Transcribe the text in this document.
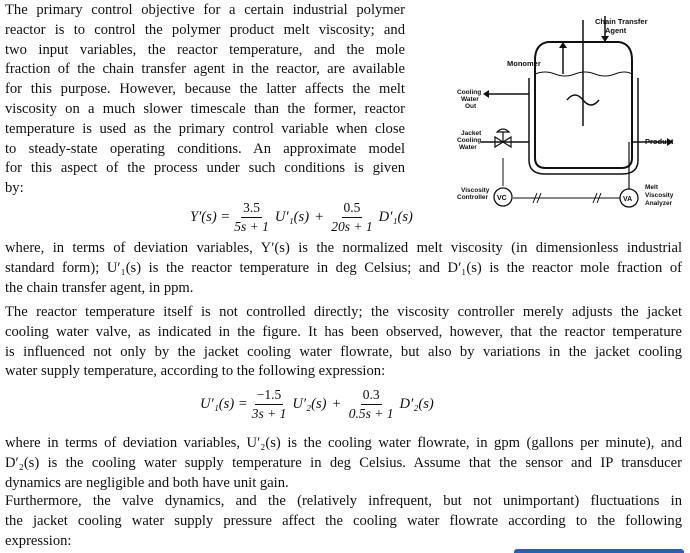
The primary control objective for a certain industrial polymer
reactor is to control the polymer product melt viscosity; and
two input variables, the reactor temperature, and the mole
fraction of the chain transfer agent in the reactor, are available
for this purpose. However, because the latter affects the melt
viscosity on a much slower timescale than the former, reactor
temperature is used as the primary control variable when close
to steady-state operating conditions. An approximate model
for this aspect of the process under such conditions is given
by:
Chain Transfer
Agent
Monomer
Cooling
Water
Out
Jacket
Cooling
Water
Product
Viscosity
Controller VC	VA
Melt
Viscosity
Analyzer
$Y'(s) = \frac{3.5}{5s + 1} U'_1(s) + \frac{0.5}{20s + 1} D'_1(s)$
where, in terms of deviation variables, Y′(s) is the normalized melt viscosity (in dimensionless industrial
standard form); U′₁(s) is the reactor temperature in deg Celsius; and D′₁(s) is the reactor mole fraction of
the chain transfer agent, in ppm.
The reactor temperature itself is not controlled directly; the viscosity controller merely adjusts the jacket
cooling water valve, as indicated in the figure. It has been observed, however, that the reactor temperature
is influenced not only by the jacket cooling water flowrate, but also by variations in the jacket cooling
water supply temperature, according to the following expression:
$U'_1(s) = \frac{-1.5}{3s + 1} U'_2(s) + \frac{0.3}{0.5s + 1} D'_2(s)$
where in terms of deviation variables, U′₂(s) is the cooling water flowrate, in gpm (gallons per minute), and
D′₂(s) is the cooling water supply temperature in deg Celsius. Assume that the sensor and IP transducer
dynamics are negligible and both have unit gain.
Furthermore, the valve dynamics, and the (relatively infrequent, but not unimportant) fluctuations in
the jacket cooling water supply pressure affect the cooling water flowrate according to the following
expression:
